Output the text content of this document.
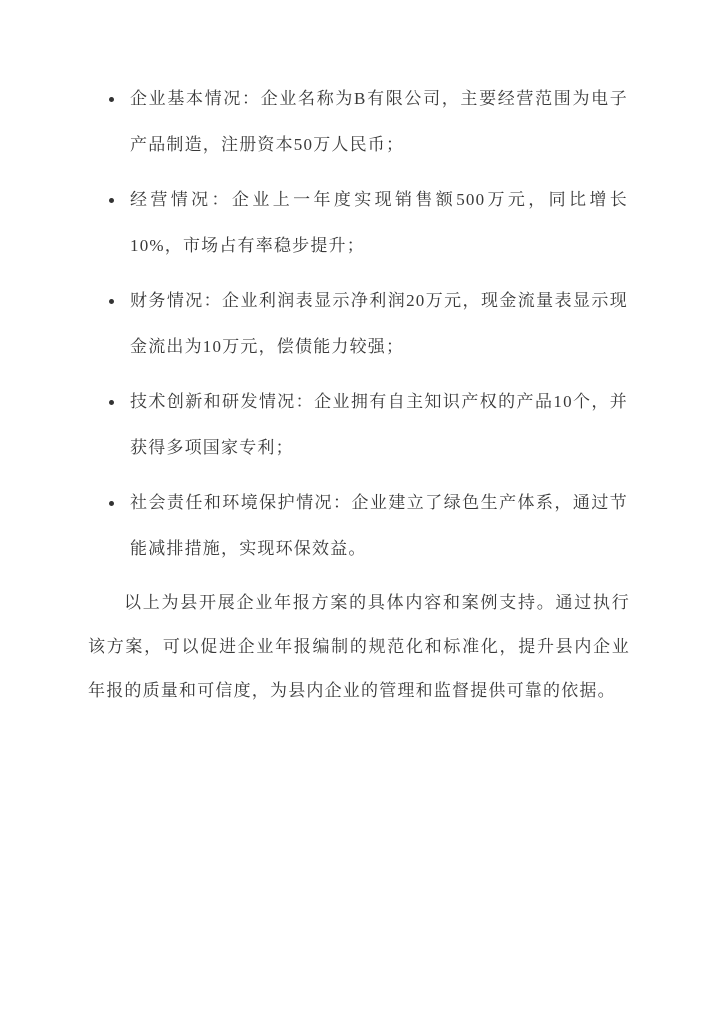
企业基本情况：企业名称为B有限公司，主要经营范围为电子产品制造，注册资本50万人民币；
经营情况：企业上一年度实现销售额500万元，同比增长10%，市场占有率稳步提升；
财务情况：企业利润表显示净利润20万元，现金流量表显示现金流出为10万元，偿债能力较强；
技术创新和研发情况：企业拥有自主知识产权的产品10个，并获得多项国家专利；
社会责任和环境保护情况：企业建立了绿色生产体系，通过节能减排措施，实现环保效益。

以上为县开展企业年报方案的具体内容和案例支持。通过执行该方案，可以促进企业年报编制的规范化和标准化，提升县内企业年报的质量和可信度，为县内企业的管理和监督提供可靠的依据。
